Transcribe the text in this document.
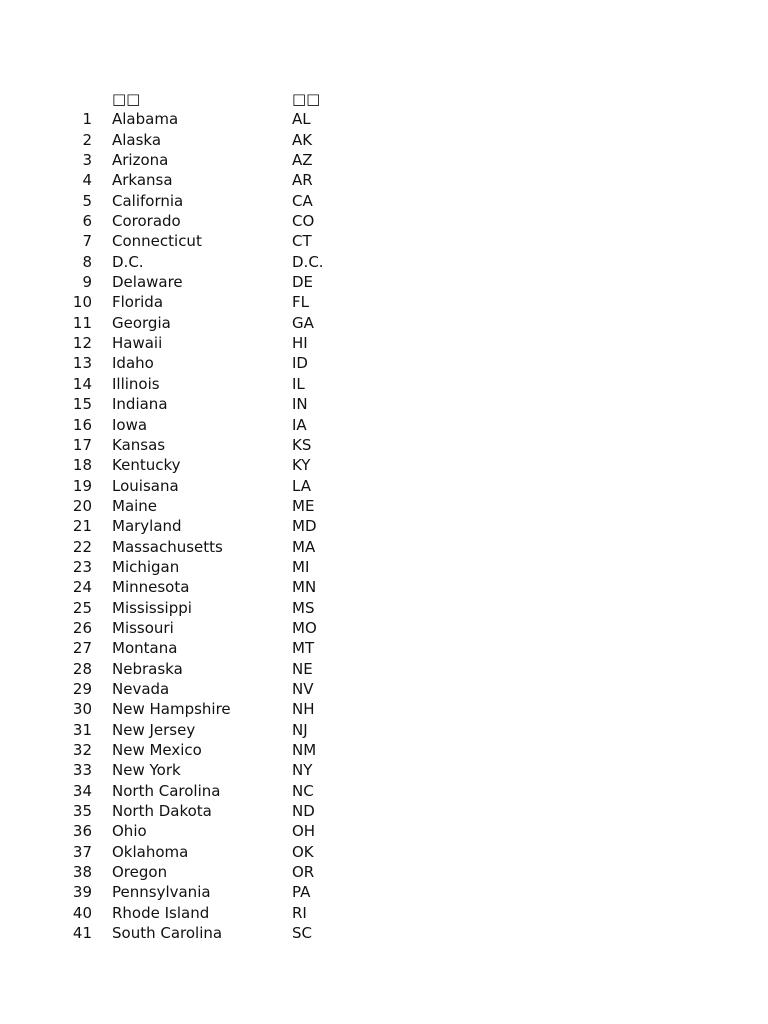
□□	□□
1 Alabama	AL
2 Alaska	AK
3 Arizona	AZ
4 Arkansa	AR
5 California	CA
6 Cororado	CO
7 Connecticut	CT
8 D.C.	D.C.
9 Delaware	DE
10 Florida	FL
11 Georgia	GA
12 Hawaii	HI
13 Idaho	ID
14 Illinois	IL
15 Indiana	IN
16 Iowa	IA
17 Kansas	KS
18 Kentucky	KY
19 Louisana	LA
20 Maine	ME
21 Maryland	MD
22 Massachusetts	MA
23 Michigan	MI
24 Minnesota	MN
25 Mississippi	MS
26 Missouri	MO
27 Montana	MT
28 Nebraska	NE
29 Nevada	NV
30 New Hampshire	NH
31 New Jersey	NJ
32 New Mexico	NM
33 New York	NY
34 North Carolina	NC
35 North Dakota	ND
36 Ohio	OH
37 Oklahoma	OK
38 Oregon	OR
39 Pennsylvania	PA
40 Rhode Island	RI
41 South Carolina	SC
